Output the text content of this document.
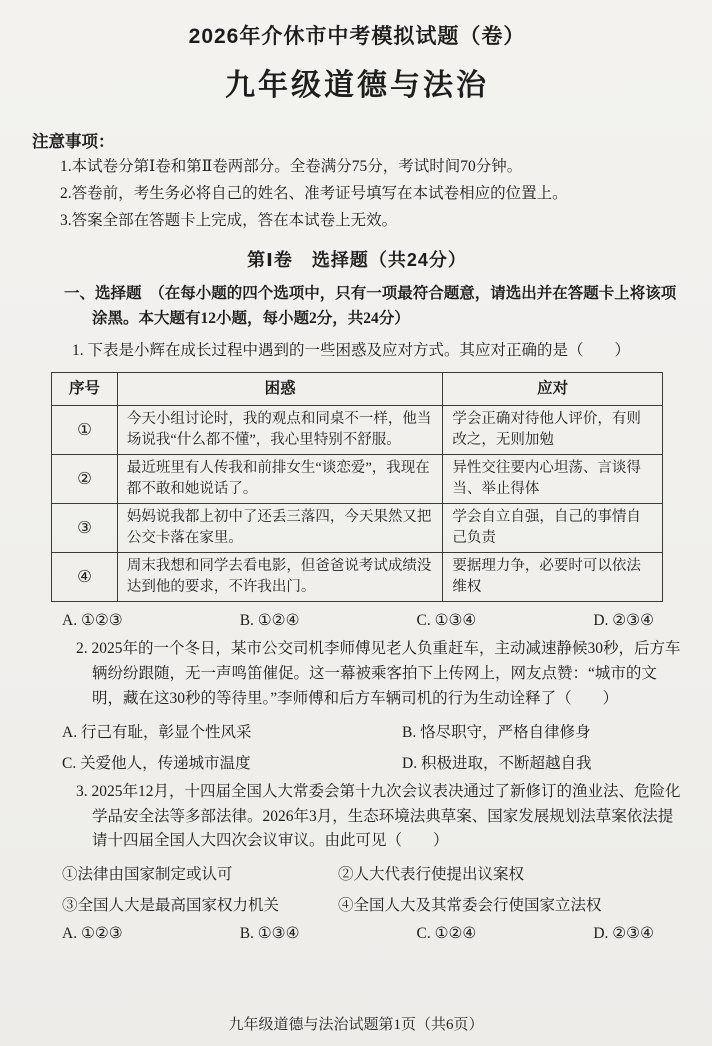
2026年介休市中考模拟试题（卷）
九年级道德与法治
注意事项：
1.本试卷分第Ⅰ卷和第Ⅱ卷两部分。全卷满分75分，考试时间70分钟。
2.答卷前，考生务必将自己的姓名、准考证号填写在本试卷相应的位置上。
3.答案全部在答题卡上完成，答在本试卷上无效。
第Ⅰ卷　选择题（共24分）
一、选择题　（在每小题的四个选项中，只有一项最符合题意，请选出并在答题卡上将该项涂黑。本大题有12小题，每小题2分，共24分）
1. 下表是小辉在成长过程中遇到的一些困惑及应对方式。其应对正确的是（　　）
序号	困惑	应对
①	今天小组讨论时，我的观点和同桌不一样，他当场说我“什么都不懂”，我心里特别不舒服。	学会正确对待他人评价，有则改之，无则加勉
②	最近班里有人传我和前排女生“谈恋爱”，我现在都不敢和她说话了。	异性交往要内心坦荡、言谈得当、举止得体
③	妈妈说我都上初中了还丢三落四，今天果然又把公交卡落在家里。	学会自立自强，自己的事情自己负责
④	周末我想和同学去看电影，但爸爸说考试成绩没达到他的要求，不许我出门。	要据理力争，必要时可以依法维权
A. ①②③	B. ①②④	C. ①③④	D. ②③④
2. 2025年的一个冬日，某市公交司机李师傅见老人负重赶车，主动减速静候30秒，后方车辆纷纷跟随，无一声鸣笛催促。这一幕被乘客拍下上传网上，网友点赞：“城市的文明，藏在这30秒的等待里。”李师傅和后方车辆司机的行为生动诠释了（　　）
A. 行己有耻，彰显个性风采	B. 恪尽职守，严格自律修身
C. 关爱他人，传递城市温度	D. 积极进取，不断超越自我
3. 2025年12月，十四届全国人大常委会第十九次会议表决通过了新修订的渔业法、危险化学品安全法等多部法律。2026年3月，生态环境法典草案、国家发展规划法草案依法提请十四届全国人大四次会议审议。由此可见（　　）
①法律由国家制定或认可	②人大代表行使提出议案权
③全国人大是最高国家权力机关	④全国人大及其常委会行使国家立法权
A. ①②③	B. ①③④	C. ①②④	D. ②③④
九年级道德与法治试题第1页（共6页）
